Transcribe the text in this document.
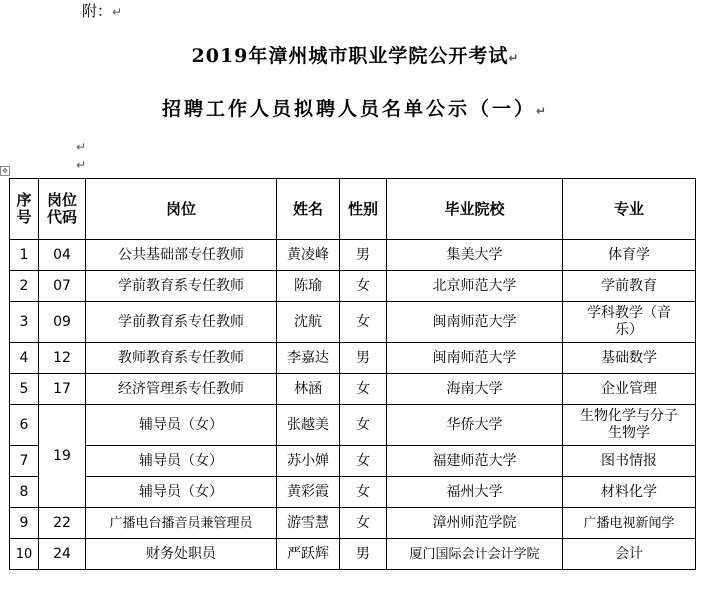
附：↵
2019年漳州城市职业学院公开考试↵
招聘工作人员拟聘人员名单公示（一）↵
↵
↵
✥
序号	岗位代码	岗位	姓名	性别	毕业院校	专业
1	04	公共基础部专任教师	黄凌峰	男	集美大学	体育学
2	07	学前教育系专任教师	陈瑜	女	北京师范大学	学前教育
3	09	学前教育系专任教师	沈航	女	闽南师范大学	学科教学（音乐）
4	12	教师教育系专任教师	李嘉达	男	闽南师范大学	基础数学
5	17	经济管理系专任教师	林涵	女	海南大学	企业管理
6	19	辅导员（女）	张越美	女	华侨大学	生物化学与分子生物学
7		辅导员（女）	苏小婵	女	福建师范大学	图书情报
8		辅导员（女）	黄彩霞	女	福州大学	材料化学
9	22	广播电台播音员兼管理员	游雪慧	女	漳州师范学院	广播电视新闻学
10	24	财务处职员	严跃辉	男	厦门国际会计会计学院	会计
